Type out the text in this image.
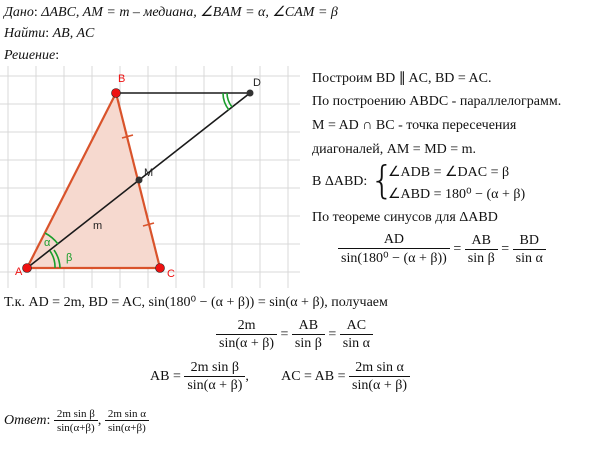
Дано: ΔABC, AM = m – медиана, ∠BAM = α, ∠CAM = β
Найти: AB, AC
Решение:
A
B
C
D
M
m
α
β
Построим BD ∥ AC, BD = AC.
По построению ABDC - параллелограмм.
M = AD ∩ BC - точка пересечения
диагоналей, AM = MD = m.
В ΔABD: {
∠ADB = ∠DAC = β
∠ABD = 180⁰ − (α + β)
По теореме синусов для ΔABD
$\frac{AD}{\text{sin(180⁰ − (α + β))}} = \frac{AB}{\text{sin β}} = \frac{BD}{\text{sin α}}$
Т.к. AD = 2m, BD = AC, sin(180⁰ − (α + β)) = sin(α + β), получаем
$\frac{2m}{\sin(\alpha + \beta)} = \frac{AB}{\text{sin β}} = \frac{AC}{\text{sin α}}$
AB = $\frac{\text{2m sin β}}{\sin(\alpha + \beta)}$ , AC = AB = $\frac{\text{2m sin α}}{\sin(\alpha + \beta)}$
Ответ: $\frac{\text{2m sin β}}{\sin(\alpha+\beta)}$ , $\frac{\text{2m sin α}}{\sin(\alpha+\beta)}$
